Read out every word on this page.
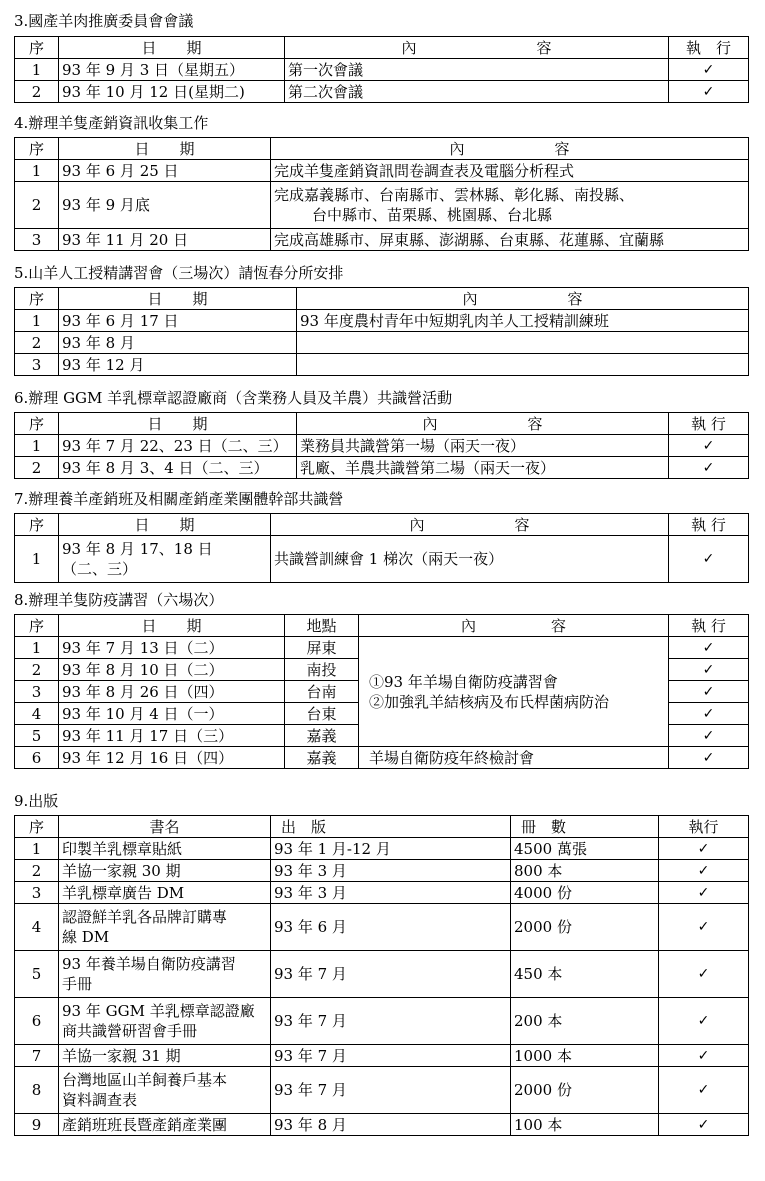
3.國產羊肉推廣委員會會議
序	日　　期	內　　　　　　　　容	執　行
1	93 年 9 月 3 日（星期五）	第一次會議	✓
2	93 年 10 月 12 日(星期二)	第二次會議	✓
4.辦理羊隻產銷資訊收集工作
序	日　　期	內　　　　　　容
1	93 年 6 月 25 日	完成羊隻產銷資訊問卷調查表及電腦分析程式
2	93 年 9 月底	完成嘉義縣市、台南縣市、雲林縣、彰化縣、南投縣、
台中縣市、苗栗縣、桃園縣、台北縣

3	93 年 11 月 20 日	完成高雄縣市、屏東縣、澎湖縣、台東縣、花蓮縣、宜蘭縣
5.山羊人工授精講習會（三場次）請恆春分所安排
序	日　　期	內　　　　　　容
1	93 年 6 月 17 日	93 年度農村青年中短期乳肉羊人工授精訓練班
2	93 年 8 月	
3	93 年 12 月	
6.辦理 GGM 羊乳標章認證廠商（含業務人員及羊農）共識營活動
序	日　　期	內　　　　　　容	執 行
1	93 年 7 月 22、23 日（二、三）	業務員共識營第一場（兩天一夜）	✓
2	93 年 8 月 3、4 日（二、三）	乳廠、羊農共識營第二場（兩天一夜）	✓
7.辦理養羊產銷班及相關產銷產業團體幹部共識營
序	日　　期	內　　　　　　容	執 行
1	93 年 8 月 17、18 日
（二、三）	共識營訓練會 1 梯次（兩天一夜）	✓
8.辦理羊隻防疫講習（六場次）
序	日　　期	地點	內　　　　　容	執 行
1	93 年 7 月 13 日（二）	屏東	①93 年羊場自衛防疫講習會
②加強乳羊結核病及布氏桿菌病防治	✓
2	93 年 8 月 10 日（二）	南投		✓
3	93 年 8 月 26 日（四）	台南		✓
4	93 年 10 月 4 日（一）	台東		✓
5	93 年 11 月 17 日（三）	嘉義		✓
6	93 年 12 月 16 日（四）	嘉義	羊場自衛防疫年終檢討會	✓
9.出版
序	書名	出　版	冊　數	執行
1	印製羊乳標章貼紙	93 年 1 月-12 月	4500 萬張	✓
2	羊協一家親 30 期	93 年 3 月	800 本	✓
3	羊乳標章廣告 DM	93 年 3 月	4000 份	✓
4	認證鮮羊乳各品牌訂購專
線 DM	93 年 6 月	2000 份	✓
5	93 年養羊場自衛防疫講習
手冊	93 年 7 月	450 本	✓
6	93 年 GGM 羊乳標章認證廠
商共識營研習會手冊	93 年 7 月	200 本	✓
7	羊協一家親 31 期	93 年 7 月	1000 本	✓
8	台灣地區山羊飼養戶基本
資料調查表	93 年 7 月	2000 份	✓
9	產銷班班長暨產銷產業團	93 年 8 月	100 本	✓
